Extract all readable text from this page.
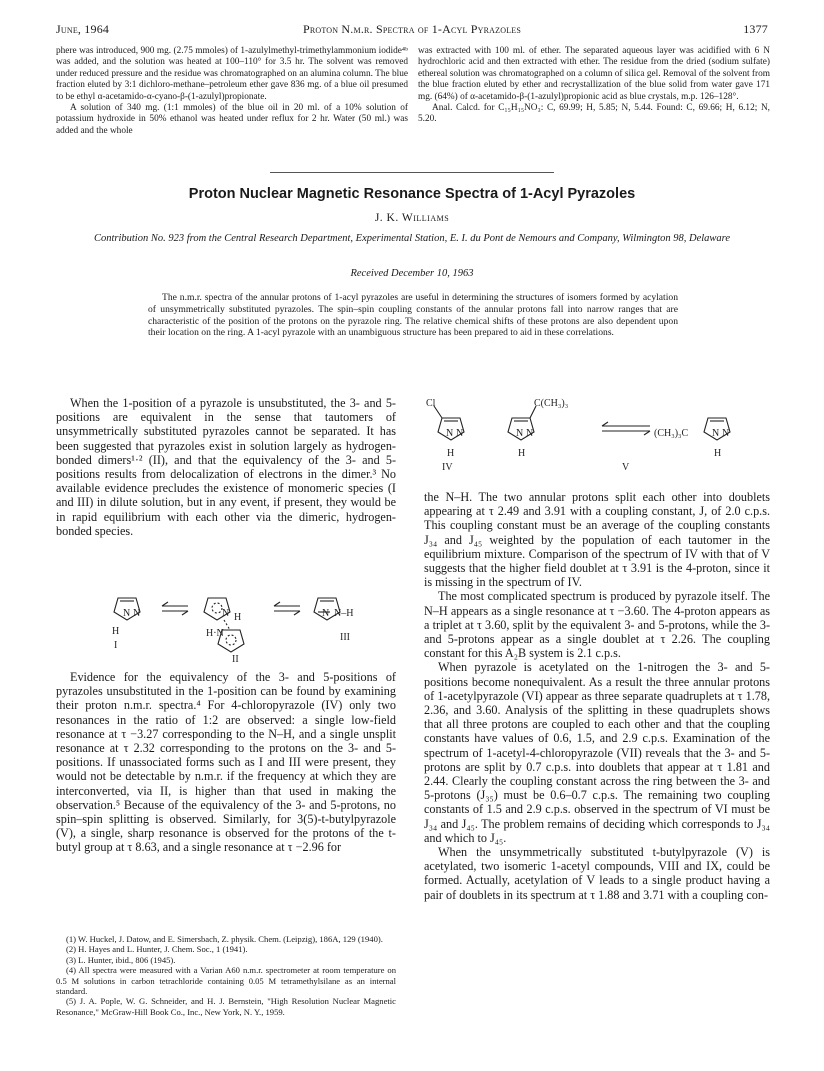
June, 1964	Proton N.m.r. Spectra of 1-Acyl Pyrazoles	1377

phere was introduced, 900 mg. (2.75 mmoles) of 1-azulylmethyl-trimethylammonium iodide⁴ᵇ was added, and the solution was heated at 100–110° for 3.5 hr. The solvent was removed under reduced pressure and the residue was chromatographed on an alumina column. The blue fraction eluted by 3:1 dichloro-methane–petroleum ether gave 836 mg. of a blue oil presumed to be ethyl α-acetamido-α-cyano-β-(1-azulyl)propionate.

A solution of 340 mg. (1:1 mmoles) of the blue oil in 20 ml. of a 10% solution of potassium hydroxide in 50% ethanol was heated under reflux for 2 hr. Water (50 ml.) was added and the whole

was extracted with 100 ml. of ether. The separated aqueous layer was acidified with 6 N hydrochloric acid and then extracted with ether. The residue from the dried (sodium sulfate) ethereal solution was chromatographed on a column of silica gel. Removal of the solvent from the blue fraction eluted by ether and recrystallization of the blue solid from water gave 171 mg. (64%) of α-acetamido-β-(1-azulyl)propionic acid as blue crystals, m.p. 126–128°.

Anal. Calcd. for C₁₅H₁₅NO₃: C, 69.99; H, 5.85; N, 5.44. Found: C, 69.66; H, 6.12; N, 5.20.

Proton Nuclear Magnetic Resonance Spectra of 1-Acyl Pyrazoles
J. K. Williams
Contribution No. 923 from the Central Research Department, Experimental Station, E. I. du Pont de Nemours and Company, Wilmington 98, Delaware
Received December 10, 1963
The n.m.r. spectra of the annular protons of 1-acyl pyrazoles are useful in determining the structures of isomers formed by acylation of unsymmetrically substituted pyrazoles. The spin–spin coupling constants of the annular protons fall into narrow ranges that are characteristic of the position of the protons on the pyrazole ring. The relative chemical shifts of these protons are also dependent upon their location on the ring. A 1-acyl pyrazole with an unambiguous structure has been prepared to aid in these correlations.

When the 1-position of a pyrazole is unsubstituted, the 3- and 5-positions are equivalent in the sense that tautomers of unsymmetrically substituted pyrazoles cannot be separated. It has been suggested that pyrazoles exist in solution largely as hydrogen-bonded dimers¹·² (II), and that the equivalency of the 3- and 5-positions results from delocalization of electrons in the dimer.³ No available evidence precludes the existence of monomeric species (I and III) in dilute solution, but in any event, if present, they would be in rapid equilibrium with each other via the dimeric, hydrogen-bonded species.

N N
H
I
N H
H·N
II
N N–H
III

Evidence for the equivalency of the 3- and 5-positions of pyrazoles unsubstituted in the 1-position can be found by examining their proton n.m.r. spectra.⁴ For 4-chloropyrazole (IV) only two resonances in the ratio of 1:2 are observed: a single low-field resonance at τ −3.27 corresponding to the N–H, and a single unsplit resonance at τ 2.32 corresponding to the protons on the 3- and 5-positions. If unassociated forms such as I and III were present, they would not be detectable by n.m.r. if the frequency at which they are interconverted, via II, is higher than that used in making the observation.⁵ Because of the equivalency of the 3- and 5-protons, no spin–spin splitting is observed. Similarly, for 3(5)-t-butylpyrazole (V), a single, sharp resonance is observed for the protons of the t-butyl group at τ 8.63, and a single resonance at τ −2.96 for

(1) W. Huckel, J. Datow, and E. Simersbach, Z. physik. Chem. (Leipzig), 186A, 129 (1940).

(2) H. Hayes and L. Hunter, J. Chem. Soc., 1 (1941).

(3) L. Hunter, ibid., 806 (1945).

(4) All spectra were measured with a Varian A60 n.m.r. spectrometer at room temperature on 0.5 M solutions in carbon tetrachloride containing 0.05 M tetramethylsilane as an internal standard.

(5) J. A. Pople, W. G. Schneider, and H. J. Bernstein, "High Resolution Nuclear Magnetic Resonance," McGraw-Hill Book Co., Inc., New York, N. Y., 1959.

Cl
N N
H
IV
C(CH₃)₃
N N
H
V
(CH₃)₃C N N
H

the N–H. The two annular protons split each other into doublets appearing at τ 2.49 and 3.91 with a coupling constant, J, of 2.0 c.p.s. This coupling constant must be an average of the coupling constants J₃₄ and J₄₅ weighted by the population of each tautomer in the equilibrium mixture. Comparison of the spectrum of IV with that of V suggests that the higher field doublet at τ 3.91 is the 4-proton, since it is missing in the spectrum of IV.

The most complicated spectrum is produced by pyrazole itself. The N–H appears as a single resonance at τ −3.60. The 4-proton appears as a triplet at τ 3.60, split by the equivalent 3- and 5-protons, while the 3- and 5-protons appear as a single doublet at τ 2.26. The coupling constant for this A₂B system is 2.1 c.p.s.

When pyrazole is acetylated on the 1-nitrogen the 3- and 5-positions become nonequivalent. As a result the three annular protons of 1-acetylpyrazole (VI) appear as three separate quadruplets at τ 1.78, 2.36, and 3.60. Analysis of the splitting in these quadruplets shows that all three protons are coupled to each other and that the coupling constants have values of 0.6, 1.5, and 2.9 c.p.s. Examination of the spectrum of 1-acetyl-4-chloropyrazole (VII) reveals that the 3- and 5-protons are split by 0.7 c.p.s. into doublets that appear at τ 1.81 and 2.44. Clearly the coupling constant across the ring between the 3- and 5-protons (J₃₅) must be 0.6–0.7 c.p.s. The remaining two coupling constants of 1.5 and 2.9 c.p.s. observed in the spectrum of VI must be J₃₄ and J₄₅. The problem remains of deciding which corresponds to J₃₄ and which to J₄₅.

When the unsymmetrically substituted t-butylpyrazole (V) is acetylated, two isomeric 1-acetyl compounds, VIII and IX, could be formed. Actually, acetylation of V leads to a single product having a pair of doublets in its spectrum at τ 1.88 and 3.71 with a coupling con-
